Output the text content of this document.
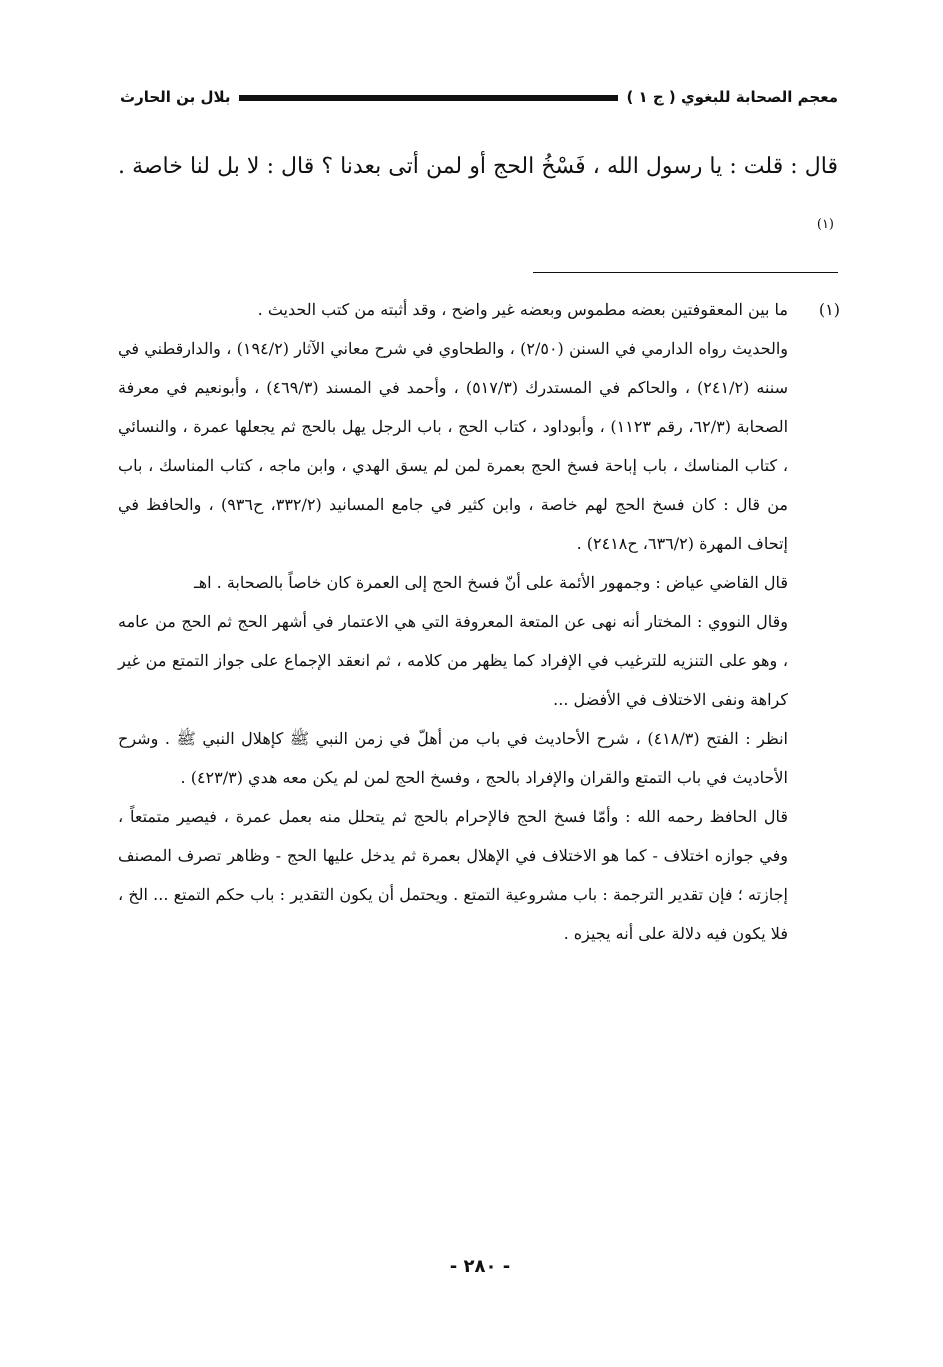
معجم الصحابة للبغوي ( ج ١ )
بلال بن الحارث
قال : قلت : يا رسول الله ، فَسْخُ الحج أو لمن أتى بعدنا ؟ قال : لا بل لنا خاصة .$^{(١)}$
(١)
ما بين المعقوفتين بعضه مطموس وبعضه غير واضح ، وقد أثبته من كتب الحديث .

والحديث رواه الدارمي في السنن (٢/٥٠) ، والطحاوي في شرح معاني الآثار (١٩٤/٢) ، والدارقطني في سننه (٢٤١/٢) ، والحاكم في المستدرك (٥١٧/٣) ، وأحمد في المسند (٤٦٩/٣) ، وأبونعيم في معرفة الصحابة (٦٢/٣، رقم ١١٢٣) ، وأبوداود ، كتاب الحج ، باب الرجل يهل بالحج ثم يجعلها عمرة ، والنسائي ، كتاب المناسك ، باب إباحة فسخ الحج بعمرة لمن لم يسق الهدي ، وابن ماجه ، كتاب المناسك ، باب من قال : كان فسخ الحج لهم خاصة ، وابن كثير في جامع المسانيد (٣٣٢/٢، ح٩٣٦) ، والحافظ في إتحاف المهرة (٦٣٦/٢، ح٢٤١٨) .

قال القاضي عياض : وجمهور الأئمة على أنّ فسخ الحج إلى العمرة كان خاصاً بالصحابة . اهـ

وقال النووي : المختار أنه نهى عن المتعة المعروفة التي هي الاعتمار في أشهر الحج ثم الحج من عامه ، وهو على التنزيه للترغيب في الإفراد كما يظهر من كلامه ، ثم انعقد الإجماع على جواز التمتع من غير كراهة ونفى الاختلاف في الأفضل ...

انظر : الفتح (٤١٨/٣) ، شرح الأحاديث في باب من أهلّ في زمن النبي ﷺ كإهلال النبي ﷺ . وشرح الأحاديث في باب التمتع والقران والإفراد بالحج ، وفسخ الحج لمن لم يكن معه هدي (٤٢٣/٣) .

قال الحافظ رحمه الله : وأمّا فسخ الحج فالإحرام بالحج ثم يتحلل منه بعمل عمرة ، فيصير متمتعاً ، وفي جوازه اختلاف - كما هو الاختلاف في الإهلال بعمرة ثم يدخل عليها الحج - وظاهر تصرف المصنف إجازته ؛ فإن تقدير الترجمة : باب مشروعية التمتع . ويحتمل أن يكون التقدير : باب حكم التمتع ... الخ ، فلا يكون فيه دلالة على أنه يجيزه .

- ٢٨٠ -
